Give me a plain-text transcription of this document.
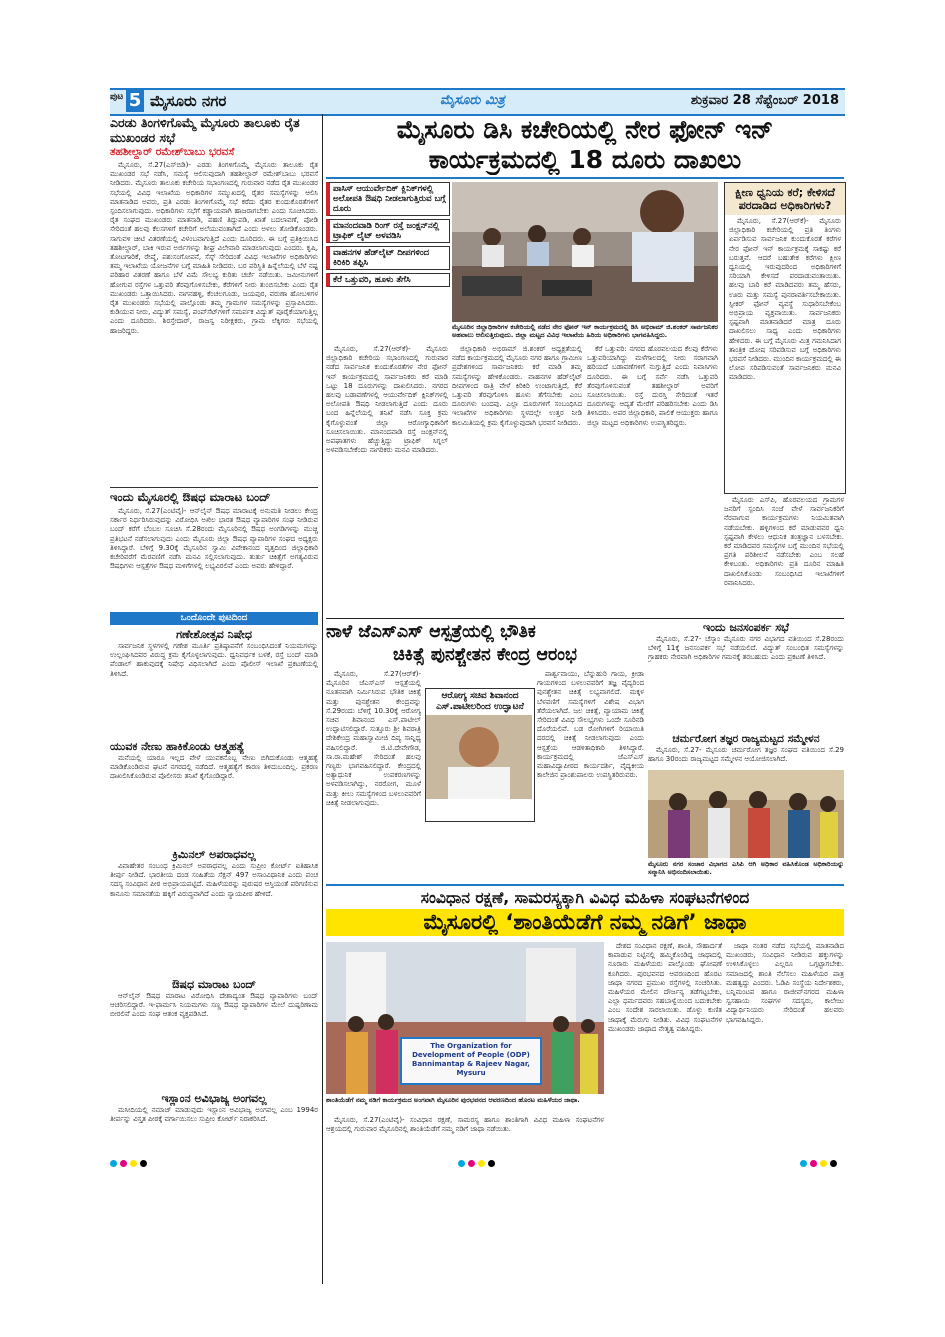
ಪುಟ 5 ಮೈಸೂರು ನಗರ	ಮೈಸೂರು ಮಿತ್ರ	ಶುಕ್ರವಾರ 28 ಸೆಪ್ಟೆಂಬರ್ 2018
ಎರಡು ತಿಂಗಳಿಗೊಮ್ಮೆ ಮೈಸೂರು ತಾಲೂಕು ರೈತ ಮುಖಂಡರ ಸಭೆ
ತಹಶೀಲ್ದಾರ್ ರಮೇಶ್‌ಬಾಬು ಭರವಸೆ

ಮೈಸೂರು, ಸೆ.27(ಎಸ್‌ಬಿಡಿ)- ಎರಡು ತಿಂಗಳಿಗೊಮ್ಮೆ ಮೈಸೂರು ತಾಲೂಕು ರೈತ ಮುಖಂಡರ ಸಭೆ ನಡೆಸಿ, ಸಮಸ್ಯೆ ಆಲಿಸುವುದಾಗಿ ತಹಶೀಲ್ದಾರ್ ರಮೇಶ್‌ಬಾಬು ಭರವಸೆ ನೀಡಿದರು. ಮೈಸೂರು ತಾಲೂಕು ಕಚೇರಿಯ ಸಭಾಂಗಣದಲ್ಲಿ ಗುರುವಾರ ನಡೆದ ರೈತ ಮುಖಂಡರ ಸಭೆಯಲ್ಲಿ ವಿವಿಧ ಇಲಾಖೆಯ ಅಧಿಕಾರಿಗಳ ಸಮ್ಮುಖದಲ್ಲಿ ರೈತರ ಸಮಸ್ಯೆಗಳನ್ನು ಆಲಿಸಿ ಮಾತನಾಡಿದ ಅವರು, ಪ್ರತಿ ಎರಡು ತಿಂಗಳಿಗೊಮ್ಮೆ ಸಭೆ ಕರೆದು ರೈತರ ಕುಂದುಕೊರತೆಗಳಿಗೆ ಸ್ಪಂದಿಸಲಾಗುವುದು. ಅಧಿಕಾರಿಗಳು ಸಭೆಗೆ ಕಡ್ಡಾಯವಾಗಿ ಹಾಜರಾಗಬೇಕು ಎಂದು ಸೂಚಿಸಿದರು. ರೈತ ಸಂಘದ ಮುಖಂಡರು ಮಾತನಾಡಿ, ಪಹಣಿ ತಿದ್ದುಪಡಿ, ಖಾತೆ ಬದಲಾವಣೆ, ಪೋಡಿ ಸೇರಿದಂತೆ ಹಲವು ಕೆಲಸಗಳಿಗೆ ಕಚೇರಿಗೆ ಅಲೆಯುವಂತಾಗಿದೆ ಎಂದು ಅಳಲು ತೋಡಿಕೊಂಡರು. ಸಾಗುವಳಿ ಚೀಟಿ ವಿತರಣೆಯಲ್ಲಿ ವಿಳಂಬವಾಗುತ್ತಿದೆ ಎಂದು ದೂರಿದರು. ಈ ಬಗ್ಗೆ ಪ್ರತಿಕ್ರಿಯಿಸಿದ ತಹಶೀಲ್ದಾರ್, ಬಾಕಿ ಇರುವ ಅರ್ಜಿಗಳನ್ನು ಶೀಘ್ರ ವಿಲೇವಾರಿ ಮಾಡಲಾಗುವುದು ಎಂದರು. ಕೃಷಿ, ತೋಟಗಾರಿಕೆ, ರೇಷ್ಮೆ, ಪಶುಸಂಗೋಪನೆ, ಸೆಸ್ಕ್ ಸೇರಿದಂತೆ ವಿವಿಧ ಇಲಾಖೆಗಳ ಅಧಿಕಾರಿಗಳು ತಮ್ಮ ಇಲಾಖೆಯ ಯೋಜನೆಗಳ ಬಗ್ಗೆ ಮಾಹಿತಿ ನೀಡಿದರು. ಬರ ಪರಿಸ್ಥಿತಿ ಹಿನ್ನೆಲೆಯಲ್ಲಿ ಬೆಳೆ ನಷ್ಟ ಪರಿಹಾರ ವಿತರಣೆ ಹಾಗೂ ಬೆಳೆ ವಿಮೆ ಸೌಲಭ್ಯ ಕುರಿತು ಚರ್ಚೆ ನಡೆಯಿತು. ಜಮೀನುಗಳಿಗೆ ಹೋಗುವ ರಸ್ತೆಗಳ ಒತ್ತುವರಿ ತೆರವುಗೊಳಿಸಬೇಕು, ಕೆರೆಗಳಿಗೆ ನೀರು ತುಂಬಿಸಬೇಕು ಎಂದು ರೈತ ಮುಖಂಡರು ಒತ್ತಾಯಿಸಿದರು. ನಾಗನಹಳ್ಳಿ, ಕೆಂಚಲಗೂಡು, ಜಯಪುರ, ವರುಣಾ ಹೋಬಳಿಗಳ ರೈತ ಮುಖಂಡರು ಸಭೆಯಲ್ಲಿ ಪಾಲ್ಗೊಂಡು ತಮ್ಮ ಗ್ರಾಮಗಳ ಸಮಸ್ಯೆಗಳನ್ನು ಪ್ರಸ್ತಾಪಿಸಿದರು. ಕುಡಿಯುವ ನೀರು, ವಿದ್ಯುತ್ ಸಮಸ್ಯೆ, ಪಂಪ್‌ಸೆಟ್‌ಗಳಿಗೆ ಸಮರ್ಪಕ ವಿದ್ಯುತ್ ಪೂರೈಕೆಯಾಗುತ್ತಿಲ್ಲ ಎಂದು ದೂರಿದರು. ಶಿರಸ್ತೇದಾರ್, ರಾಜಸ್ವ ನಿರೀಕ್ಷಕರು, ಗ್ರಾಮ ಲೆಕ್ಕಿಗರು ಸಭೆಯಲ್ಲಿ ಹಾಜರಿದ್ದರು.

ಇಂದು ಮೈಸೂರಲ್ಲಿ ಔಷಧ ಮಾರಾಟ ಬಂದ್

ಮೈಸೂರು, ಸೆ.27(ಎಂಟಿವೈ)- ಆನ್‌ಲೈನ್ ಔಷಧ ಮಾರಾಟಕ್ಕೆ ಅನುಮತಿ ನೀಡಲು ಕೇಂದ್ರ ಸರ್ಕಾರ ನಿರ್ಧರಿಸಿರುವುದನ್ನು ವಿರೋಧಿಸಿ ಅಖಿಲ ಭಾರತ ಔಷಧ ವ್ಯಾಪಾರಿಗಳ ಸಂಘ ನೀಡಿರುವ ಬಂದ್ ಕರೆಗೆ ಬೆಂಬಲ ಸೂಚಿಸಿ ಸೆ.28ರಂದು ಮೈಸೂರಿನಲ್ಲಿ ಔಷಧ ಅಂಗಡಿಗಳನ್ನು ಮುಚ್ಚಿ ಪ್ರತಿಭಟನೆ ನಡೆಸಲಾಗುವುದು ಎಂದು ಮೈಸೂರು ಜಿಲ್ಲಾ ಔಷಧ ವ್ಯಾಪಾರಿಗಳ ಸಂಘದ ಅಧ್ಯಕ್ಷರು ತಿಳಿಸಿದ್ದಾರೆ. ಬೆಳಿಗ್ಗೆ 9.30ಕ್ಕೆ ಮೈಸೂರಿನ ಸ್ವಾಮಿ ವಿವೇಕಾನಂದ ವೃತ್ತದಿಂದ ಜಿಲ್ಲಾಧಿಕಾರಿ ಕಚೇರಿವರೆಗೆ ಮೆರವಣಿಗೆ ನಡೆಸಿ ಮನವಿ ಸಲ್ಲಿಸಲಾಗುವುದು. ತುರ್ತು ಚಿಕಿತ್ಸೆಗೆ ಅಗತ್ಯವಿರುವ ಔಷಧಿಗಳು ಆಸ್ಪತ್ರೆಗಳ ಔಷಧ ಮಳಿಗೆಗಳಲ್ಲಿ ಲಭ್ಯವಿರಲಿವೆ ಎಂದು ಅವರು ಹೇಳಿದ್ದಾರೆ.

ಒಂದೊಂದೇ ಪುಟದಿಂದ
ಗಣೇಶೋತ್ಸವ ನಿಷೇಧ

ಸಾರ್ವಜನಿಕ ಸ್ಥಳಗಳಲ್ಲಿ ಗಣೇಶ ಮೂರ್ತಿ ಪ್ರತಿಷ್ಠಾಪನೆಗೆ ಸಂಬಂಧಿಸಿದಂತೆ ನಿಯಮಗಳನ್ನು ಉಲ್ಲಂಘಿಸಿದವರ ವಿರುದ್ಧ ಕ್ರಮ ಕೈಗೊಳ್ಳಲಾಗುವುದು. ಧ್ವನಿವರ್ಧಕ ಬಳಕೆ, ರಸ್ತೆ ಬಂದ್ ಮಾಡಿ ಪೆಂಡಾಲ್ ಹಾಕುವುದಕ್ಕೆ ನಿಷೇಧ ವಿಧಿಸಲಾಗಿದೆ ಎಂದು ಪೊಲೀಸ್ ಇಲಾಖೆ ಪ್ರಕಟಣೆಯಲ್ಲಿ ತಿಳಿಸಿದೆ.

ಯುವಕ ನೇಣು ಹಾಕಿಕೊಂಡು ಆತ್ಮಹತ್ಯೆ

ಮನೆಯಲ್ಲಿ ಯಾರೂ ಇಲ್ಲದ ವೇಳೆ ಯುವಕನೊಬ್ಬ ನೇಣು ಬಿಗಿದುಕೊಂಡು ಆತ್ಮಹತ್ಯೆ ಮಾಡಿಕೊಂಡಿರುವ ಘಟನೆ ನಗರದಲ್ಲಿ ನಡೆದಿದೆ. ಆತ್ಮಹತ್ಯೆಗೆ ಕಾರಣ ತಿಳಿದುಬಂದಿಲ್ಲ. ಪ್ರಕರಣ ದಾಖಲಿಸಿಕೊಂಡಿರುವ ಪೊಲೀಸರು ತನಿಖೆ ಕೈಗೊಂಡಿದ್ದಾರೆ.

ಕ್ರಿಮಿನಲ್ ಅಪರಾಧವಲ್ಲ

ವಿವಾಹೇತರ ಸಂಬಂಧ ಕ್ರಿಮಿನಲ್ ಅಪರಾಧವಲ್ಲ ಎಂದು ಸುಪ್ರೀಂ ಕೋರ್ಟ್ ಐತಿಹಾಸಿಕ ತೀರ್ಪು ನೀಡಿದೆ. ಭಾರತೀಯ ದಂಡ ಸಂಹಿತೆಯ ಸೆಕ್ಷನ್ 497 ಅಸಾಂವಿಧಾನಿಕ ಎಂದು ಪಂಚ ಸದಸ್ಯ ಸಂವಿಧಾನ ಪೀಠ ಅಭಿಪ್ರಾಯಪಟ್ಟಿದೆ. ಮಹಿಳೆಯರನ್ನು ಪುರುಷರ ಆಸ್ತಿಯಂತೆ ಪರಿಗಣಿಸುವ ಕಾನೂನು ಸಮಾನತೆಯ ಹಕ್ಕಿಗೆ ವಿರುದ್ಧವಾಗಿದೆ ಎಂದು ನ್ಯಾಯಪೀಠ ಹೇಳಿದೆ.

ಔಷಧ ಮಾರಾಟ ಬಂದ್

ಆನ್‌ಲೈನ್ ಔಷಧ ಮಾರಾಟ ವಿರೋಧಿಸಿ ದೇಶಾದ್ಯಂತ ಔಷಧ ವ್ಯಾಪಾರಿಗಳು ಬಂದ್ ಆಚರಿಸಲಿದ್ದಾರೆ. ಇ-ಫಾರ್ಮಸಿ ನಿಯಮಗಳು ಸಣ್ಣ ಔಷಧ ವ್ಯಾಪಾರಿಗಳ ಮೇಲೆ ದುಷ್ಪರಿಣಾಮ ಬೀರಲಿವೆ ಎಂದು ಸಂಘ ಆತಂಕ ವ್ಯಕ್ತಪಡಿಸಿದೆ.

ಇಸ್ಲಾಂನ ಅವಿಭಾಜ್ಯ ಅಂಗವಲ್ಲ

ಮಸೀದಿಯಲ್ಲಿ ನಮಾಜ್ ಮಾಡುವುದು ಇಸ್ಲಾಂನ ಅವಿಭಾಜ್ಯ ಅಂಗವಲ್ಲ ಎಂಬ 1994ರ ತೀರ್ಪನ್ನು ವಿಸ್ತೃತ ಪೀಠಕ್ಕೆ ವರ್ಗಾಯಿಸಲು ಸುಪ್ರೀಂ ಕೋರ್ಟ್ ನಿರಾಕರಿಸಿದೆ.

ಮೈಸೂರು ಡಿಸಿ ಕಚೇರಿಯಲ್ಲಿ ನೇರ ಫೋನ್ ಇನ್
ಕಾರ್ಯಕ್ರಮದಲ್ಲಿ 18 ದೂರು ದಾಖಲು
ಪಾಸಿಸ್ ಆಯುರ್ವೇದಿಕ್ ಕ್ಲಿನಿಕ್‌ಗಳಲ್ಲಿ ಅಲೋಪತಿ ಔಷಧಿ ನೀಡಲಾಗುತ್ತಿರುವ ಬಗ್ಗೆ ದೂರು
ಮಾನಂದವಾಡಿ ರಿಂಗ್ ರಸ್ತೆ ಜಂಕ್ಷನ್‌ನಲ್ಲಿ ಟ್ರಾಫಿಕ್ ಲೈಟ್ ಅಳವಡಿಸಿ
ವಾಹನಗಳ ಹೆಡ್‌ಲೈಟ್ ದೀಪಗಳಿಂದ ಕಿರಿಕಿರಿ ತಪ್ಪಿಸಿ
ಕೆರೆ ಒತ್ತುವರಿ, ಹೂಳು ತೆಗೆಸಿ
ಮೈಸೂರಿನ ಜಿಲ್ಲಾಧಿಕಾರಿಗಳ ಕಚೇರಿಯಲ್ಲಿ ನಡೆದ ನೇರ ಫೋನ್ ಇನ್ ಕಾರ್ಯಕ್ರಮದಲ್ಲಿ ಡಿಸಿ ಅಭಿರಾಮ್ ಜಿ.ಶಂಕರ್ ಸಾರ್ವಜನಿಕರ ಅಹವಾಲು ಆಲಿಸುತ್ತಿರುವುದು. ಜಿಲ್ಲಾ ಮಟ್ಟದ ವಿವಿಧ ಇಲಾಖೆಯ ಹಿರಿಯ ಅಧಿಕಾರಿಗಳು ಭಾಗವಹಿಸಿದ್ದರು.

ಮೈಸೂರು, ಸೆ.27(ಆರ್‌ಕೆ)- ಮೈಸೂರು ಜಿಲ್ಲಾಧಿಕಾರಿ ಕಚೇರಿಯ ಸಭಾಂಗಣದಲ್ಲಿ ಗುರುವಾರ ನಡೆದ ಸಾರ್ವಜನಿಕ ಕುಂದುಕೊರತೆಗಳ ನೇರ ಫೋನ್ ಇನ್ ಕಾರ್ಯಕ್ರಮದಲ್ಲಿ ಸಾರ್ವಜನಿಕರು ಕರೆ ಮಾಡಿ ಒಟ್ಟು 18 ದೂರುಗಳನ್ನು ದಾಖಲಿಸಿದರು. ನಗರದ ಹಲವು ಬಡಾವಣೆಗಳಲ್ಲಿ ಆಯುರ್ವೇದಿಕ್ ಕ್ಲಿನಿಕ್‌ಗಳಲ್ಲಿ ಅಲೋಪತಿ ಔಷಧಿ ನೀಡಲಾಗುತ್ತಿದೆ ಎಂದು ದೂರು ಬಂದ ಹಿನ್ನೆಲೆಯಲ್ಲಿ ತನಿಖೆ ನಡೆಸಿ ಸೂಕ್ತ ಕ್ರಮ ಕೈಗೊಳ್ಳುವಂತೆ ಜಿಲ್ಲಾ ಆರೋಗ್ಯಾಧಿಕಾರಿಗೆ ಸೂಚಿಸಲಾಯಿತು. ಮಾನಂದವಾಡಿ ರಸ್ತೆ ಜಂಕ್ಷನ್‌ನಲ್ಲಿ ಅಪಘಾತಗಳು ಹೆಚ್ಚುತ್ತಿದ್ದು ಟ್ರಾಫಿಕ್ ಸಿಗ್ನಲ್ ಅಳವಡಿಸಬೇಕೆಂದು ನಾಗರಿಕರು ಮನವಿ ಮಾಡಿದರು.

ಜಿಲ್ಲಾಧಿಕಾರಿ ಅಭಿರಾಮ್ ಜಿ.ಶಂಕರ್ ಅಧ್ಯಕ್ಷತೆಯಲ್ಲಿ ನಡೆದ ಕಾರ್ಯಕ್ರಮದಲ್ಲಿ ಮೈಸೂರು ನಗರ ಹಾಗೂ ಗ್ರಾಮೀಣ ಪ್ರದೇಶಗಳಿಂದ ಸಾರ್ವಜನಿಕರು ಕರೆ ಮಾಡಿ ತಮ್ಮ ಸಮಸ್ಯೆಗಳನ್ನು ಹೇಳಿಕೊಂಡರು. ವಾಹನಗಳ ಹೆಡ್‌ಲೈಟ್ ದೀಪಗಳಿಂದ ರಾತ್ರಿ ವೇಳೆ ಕಿರಿಕಿರಿ ಉಂಟಾಗುತ್ತಿದೆ, ಕೆರೆ ಒತ್ತುವರಿ ತೆರವುಗೊಳಿಸಿ ಹೂಳು ತೆಗೆಸಬೇಕು ಎಂಬ ದೂರುಗಳು ಬಂದವು. ಎಲ್ಲಾ ದೂರುಗಳಿಗೆ ಸಂಬಂಧಿಸಿದ ಇಲಾಖೆಗಳ ಅಧಿಕಾರಿಗಳು ಸ್ಥಳದಲ್ಲೇ ಉತ್ತರ ನೀಡಿ ಕಾಲಮಿತಿಯಲ್ಲಿ ಕ್ರಮ ಕೈಗೊಳ್ಳುವುದಾಗಿ ಭರವಸೆ ನೀಡಿದರು.

ಕೆರೆ ಒತ್ತುವರಿ: ನಗರದ ಹೊರವಲಯದ ಕೆಲವು ಕೆರೆಗಳು ಒತ್ತುವರಿಯಾಗಿದ್ದು ಮಳೆಗಾಲದಲ್ಲಿ ನೀರು ಸರಾಗವಾಗಿ ಹರಿಯದೆ ಬಡಾವಣೆಗಳಿಗೆ ನುಗ್ಗುತ್ತಿದೆ ಎಂದು ನಿವಾಸಿಗಳು ದೂರಿದರು. ಈ ಬಗ್ಗೆ ಸರ್ವೆ ನಡೆಸಿ ಒತ್ತುವರಿ ತೆರವುಗೊಳಿಸುವಂತೆ ತಹಶೀಲ್ದಾರ್ ಅವರಿಗೆ ಸೂಚಿಸಲಾಯಿತು. ರಸ್ತೆ ದುರಸ್ತಿ ಸೇರಿದಂತೆ ಇತರೆ ದೂರುಗಳನ್ನು ಆದ್ಯತೆ ಮೇರೆಗೆ ಪರಿಹರಿಸಬೇಕು ಎಂದು ಡಿಸಿ ತಿಳಿಸಿದರು. ಅಪರ ಜಿಲ್ಲಾಧಿಕಾರಿ, ಪಾಲಿಕೆ ಆಯುಕ್ತರು ಹಾಗೂ ಜಿಲ್ಲಾ ಮಟ್ಟದ ಅಧಿಕಾರಿಗಳು ಉಪಸ್ಥಿತರಿದ್ದರು.

ಕ್ಷೀಣ ಧ್ವನಿಯ ಕರೆ; ಕೇಳಿಸದೆ ಪರದಾಡಿದ ಅಧಿಕಾರಿಗಳು?

ಮೈಸೂರು, ಸೆ.27(ಆರ್‌ಕೆ)- ಮೈಸೂರು ಜಿಲ್ಲಾಧಿಕಾರಿ ಕಚೇರಿಯಲ್ಲಿ ಪ್ರತಿ ತಿಂಗಳು ಏರ್ಪಡಿಸುವ ಸಾರ್ವಜನಿಕ ಕುಂದುಕೊರತೆ ಕರೆಗಳ ನೇರ ಫೋನ್ ಇನ್ ಕಾರ್ಯಕ್ರಮಕ್ಕೆ ಸಾಕಷ್ಟು ಕರೆ ಬರುತ್ತವೆ. ಆದರೆ ಬಹುತೇಕ ಕರೆಗಳು ಕ್ಷೀಣ ಧ್ವನಿಯಲ್ಲಿ ಇರುವುದರಿಂದ ಅಧಿಕಾರಿಗಳಿಗೆ ಸರಿಯಾಗಿ ಕೇಳಿಸದೆ ಪರದಾಡುವಂತಾಯಿತು. ಹಲವು ಬಾರಿ ಕರೆ ಮಾಡಿದವರು ತಮ್ಮ ಹೆಸರು, ಊರು ಮತ್ತು ಸಮಸ್ಯೆ ಪುನರಾವರ್ತಿಸಬೇಕಾಯಿತು. ಸ್ಪೀಕರ್ ಫೋನ್ ವ್ಯವಸ್ಥೆ ಸುಧಾರಿಸಬೇಕೆಂಬ ಅಭಿಪ್ರಾಯ ವ್ಯಕ್ತವಾಯಿತು. ಸಾರ್ವಜನಿಕರು ಸ್ಪಷ್ಟವಾಗಿ ಮಾತನಾಡಿದರೆ ಮಾತ್ರ ದೂರು ದಾಖಲಿಸಲು ಸಾಧ್ಯ ಎಂದು ಅಧಿಕಾರಿಗಳು ಹೇಳಿದರು. ಈ ಬಗ್ಗೆ ಮೈಸೂರು ಮಿತ್ರ ಗಮನಿಸಿದಾಗ ತಾಂತ್ರಿಕ ದೋಷ ಸರಿಪಡಿಸುವ ಬಗ್ಗೆ ಅಧಿಕಾರಿಗಳು ಭರವಸೆ ನೀಡಿದರು. ಮುಂದಿನ ಕಾರ್ಯಕ್ರಮದಲ್ಲಿ ಈ ಲೋಪ ಸರಿಪಡಿಸುವಂತೆ ಸಾರ್ವಜನಿಕರು ಮನವಿ ಮಾಡಿದರು.

ಮೈಸೂರು ಎಸ್‌ಪಿ, ಹೊರವಲಯದ ಗ್ರಾಮಗಳ ಜನರಿಗೆ ಸ್ಪಂದಿಸಿ ಸಂಜೆ ವೇಳೆ ಸಾರ್ವಜನಿಕರಿಗೆ ನೆರವಾಗುವ ಕಾರ್ಯಕ್ರಮಗಳು ನಿಯಮಿತವಾಗಿ ನಡೆಯಬೇಕು. ಹಳ್ಳಿಗಳಿಂದ ಕರೆ ಮಾಡುವವರ ಧ್ವನಿ ಸ್ಪಷ್ಟವಾಗಿ ಕೇಳಲು ಆಧುನಿಕ ತಂತ್ರಜ್ಞಾನ ಬಳಸಬೇಕು. ಕರೆ ಮಾಡಿದವರ ಸಮಸ್ಯೆಗಳ ಬಗ್ಗೆ ಮುಂದಿನ ಸಭೆಯಲ್ಲಿ ಪ್ರಗತಿ ಪರಿಶೀಲನೆ ನಡೆಸಬೇಕು ಎಂಬ ಸಲಹೆ ಕೇಳಿಬಂತು. ಅಧಿಕಾರಿಗಳು ಪ್ರತಿ ದೂರಿನ ಮಾಹಿತಿ ದಾಖಲಿಸಿಕೊಂಡು ಸಂಬಂಧಿಸಿದ ಇಲಾಖೆಗಳಿಗೆ ರವಾನಿಸಿದರು.

ನಾಳೆ ಜೆಎಸ್‌ಎಸ್ ಆಸ್ಪತ್ರೆಯಲ್ಲಿ ಭೌತಿಕ
ಚಿಕಿತ್ಸೆ ಪುನಶ್ಚೇತನ ಕೇಂದ್ರ ಆರಂಭ

ಮೈಸೂರು, ಸೆ.27(ಆರ್‌ಕೆ)- ಮೈಸೂರಿನ ಜೆಎಸ್‌ಎಸ್ ಆಸ್ಪತ್ರೆಯಲ್ಲಿ ನೂತನವಾಗಿ ನಿರ್ಮಿಸಿರುವ ಭೌತಿಕ ಚಿಕಿತ್ಸೆ ಮತ್ತು ಪುನಶ್ಚೇತನ ಕೇಂದ್ರವನ್ನು ಸೆ.29ರಂದು ಬೆಳಿಗ್ಗೆ 10.30ಕ್ಕೆ ಆರೋಗ್ಯ ಸಚಿವ ಶಿವಾನಂದ ಎಸ್.ಪಾಟೀಲ್ ಉದ್ಘಾಟಿಸಲಿದ್ದಾರೆ. ಸುತ್ತೂರು ಶ್ರೀ ಶಿವರಾತ್ರಿ ದೇಶಿಕೇಂದ್ರ ಮಹಾಸ್ವಾಮೀಜಿ ದಿವ್ಯ ಸಾನ್ನಿಧ್ಯ ವಹಿಸಲಿದ್ದಾರೆ. ಜಿ.ಟಿ.ದೇವೇಗೌಡ, ಸಾ.ರಾ.ಮಹೇಶ್ ಸೇರಿದಂತೆ ಹಲವು ಗಣ್ಯರು ಭಾಗವಹಿಸಲಿದ್ದಾರೆ. ಕೇಂದ್ರದಲ್ಲಿ ಅತ್ಯಾಧುನಿಕ ಉಪಕರಣಗಳನ್ನು ಅಳವಡಿಸಲಾಗಿದ್ದು, ನರರೋಗ, ಮೂಳೆ ಮತ್ತು ಕೀಲು ಸಮಸ್ಯೆಗಳಿಂದ ಬಳಲುವವರಿಗೆ ಚಿಕಿತ್ಸೆ ನೀಡಲಾಗುವುದು.

ಆರೋಗ್ಯ ಸಚಿವ ಶಿವಾನಂದ ಎಸ್.ಪಾಟೀಲರಿಂದ ಉದ್ಘಾಟನೆ

ಪಾರ್ಶ್ವವಾಯು, ಬೆನ್ನುಹುರಿ ಗಾಯ, ಕ್ರೀಡಾ ಗಾಯಗಳಿಂದ ಬಳಲುವವರಿಗೆ ತಜ್ಞ ವೈದ್ಯರಿಂದ ಪುನಶ್ಚೇತನ ಚಿಕಿತ್ಸೆ ಲಭ್ಯವಾಗಲಿದೆ. ಮಕ್ಕಳ ಬೆಳವಣಿಗೆ ಸಮಸ್ಯೆಗಳಿಗೆ ವಿಶೇಷ ವಿಭಾಗ ತೆರೆಯಲಾಗಿದೆ. ಜಲ ಚಿಕಿತ್ಸೆ, ವ್ಯಾಯಾಮ ಚಿಕಿತ್ಸೆ ಸೇರಿದಂತೆ ವಿವಿಧ ಸೌಲಭ್ಯಗಳು ಒಂದೇ ಸೂರಿನಡಿ ದೊರೆಯಲಿವೆ. ಬಡ ರೋಗಿಗಳಿಗೆ ರಿಯಾಯಿತಿ ದರದಲ್ಲಿ ಚಿಕಿತ್ಸೆ ನೀಡಲಾಗುವುದು ಎಂದು ಆಸ್ಪತ್ರೆಯ ಆಡಳಿತಾಧಿಕಾರಿ ತಿಳಿಸಿದ್ದಾರೆ. ಕಾರ್ಯಕ್ರಮದಲ್ಲಿ ಜೆಎಸ್‌ಎಸ್ ಮಹಾವಿದ್ಯಾಪೀಠದ ಕಾರ್ಯದರ್ಶಿ, ವೈದ್ಯಕೀಯ ಕಾಲೇಜಿನ ಪ್ರಾಂಶುಪಾಲರು ಉಪಸ್ಥಿತರಿರುವರು.

ಇಂದು ಜನಸಂಪರ್ಕ ಸಭೆ

ಮೈಸೂರು, ಸೆ.27- ಚೆಸ್ಕಾಂ ಮೈಸೂರು ನಗರ ವಿಭಾಗದ ವತಿಯಿಂದ ಸೆ.28ರಂದು ಬೆಳಿಗ್ಗೆ 11ಕ್ಕೆ ಜನಸಂಪರ್ಕ ಸಭೆ ನಡೆಯಲಿದೆ. ವಿದ್ಯುತ್ ಸಂಬಂಧಿತ ಸಮಸ್ಯೆಗಳನ್ನು ಗ್ರಾಹಕರು ನೇರವಾಗಿ ಅಧಿಕಾರಿಗಳ ಗಮನಕ್ಕೆ ತರಬಹುದು ಎಂದು ಪ್ರಕಟಣೆ ತಿಳಿಸಿದೆ.

ಚರ್ಮರೋಗ ತಜ್ಞರ ರಾಜ್ಯಮಟ್ಟದ ಸಮ್ಮೇಳನ

ಮೈಸೂರು, ಸೆ.27- ಮೈಸೂರು ಚರ್ಮರೋಗ ತಜ್ಞರ ಸಂಘದ ವತಿಯಿಂದ ಸೆ.29 ಹಾಗೂ 30ರಂದು ರಾಜ್ಯಮಟ್ಟದ ಸಮ್ಮೇಳನ ಆಯೋಜಿಸಲಾಗಿದೆ.

ಮೈಸೂರು ನಗರ ಸಂಚಾರ ವಿಭಾಗದ ಎಸಿಪಿ ಆಗಿ ಅಧಿಕಾರ ವಹಿಸಿಕೊಂಡ ಅಧಿಕಾರಿಯನ್ನು ಸನ್ಮಾನಿಸಿ ಅಭಿನಂದಿಸಲಾಯಿತು.
ಸಂವಿಧಾನ ರಕ್ಷಣೆ, ಸಾಮರಸ್ಯಕ್ಕಾಗಿ ವಿವಿಧ ಮಹಿಳಾ ಸಂಘಟನೆಗಳಿಂದ
ಮೈಸೂರಲ್ಲಿ ‘ಶಾಂತಿಯೆಡೆಗೆ ನಮ್ಮ ನಡಿಗೆ’ ಜಾಥಾ
The Organization for Development of People (ODP) Bannimantap & Rajeev Nagar, Mysuru
ಶಾಂತಿಯೆಡೆಗೆ ನಮ್ಮ ನಡಿಗೆ ಕಾರ್ಯಕ್ರಮದ ಅಂಗವಾಗಿ ಮೈಸೂರಿನ ಪುರಭವನದ ಆವರಣದಿಂದ ಹೊರಟ ಮಹಿಳೆಯರ ಜಾಥಾ.

ಮೈಸೂರು, ಸೆ.27(ಎಂಟಿವೈ)- ಸಂವಿಧಾನ ರಕ್ಷಣೆ, ಸಾಮರಸ್ಯ ಹಾಗೂ ಶಾಂತಿಗಾಗಿ ವಿವಿಧ ಮಹಿಳಾ ಸಂಘಟನೆಗಳ ಆಶ್ರಯದಲ್ಲಿ ಗುರುವಾರ ಮೈಸೂರಿನಲ್ಲಿ ಶಾಂತಿಯೆಡೆಗೆ ನಮ್ಮ ನಡಿಗೆ ಜಾಥಾ ನಡೆಯಿತು.

ದೇಶದ ಸಂವಿಧಾನ ರಕ್ಷಣೆ, ಶಾಂತಿ, ಸೌಹಾರ್ದತೆ ಕಾಪಾಡುವ ನಿಟ್ಟಿನಲ್ಲಿ ಹಮ್ಮಿಕೊಂಡಿದ್ದ ಜಾಥಾದಲ್ಲಿ ನೂರಾರು ಮಹಿಳೆಯರು ಪಾಲ್ಗೊಂಡು ಘೋಷಣೆ ಕೂಗಿದರು. ಪುರಭವನದ ಆವರಣದಿಂದ ಹೊರಟ ಜಾಥಾ ನಗರದ ಪ್ರಮುಖ ರಸ್ತೆಗಳಲ್ಲಿ ಸಂಚರಿಸಿತು. ಮಹಿಳೆಯರ ಮೇಲಿನ ದೌರ್ಜನ್ಯ ತಡೆಗಟ್ಟಬೇಕು, ಎಲ್ಲಾ ಧರ್ಮದವರು ಸಹಬಾಳ್ವೆಯಿಂದ ಬದುಕಬೇಕು ಎಂಬ ಸಂದೇಶ ಸಾರಲಾಯಿತು. ಡೊಳ್ಳು ಕುಣಿತ ಜಾಥಾಕ್ಕೆ ಮೆರುಗು ನೀಡಿತು. ವಿವಿಧ ಸಂಘಟನೆಗಳ ಮುಖಂಡರು ಜಾಥಾದ ನೇತೃತ್ವ ವಹಿಸಿದ್ದರು.

ಜಾಥಾ ನಂತರ ನಡೆದ ಸಭೆಯಲ್ಲಿ ಮಾತನಾಡಿದ ಮುಖಂಡರು, ಸಂವಿಧಾನ ನೀಡಿರುವ ಹಕ್ಕುಗಳನ್ನು ಉಳಿಸಿಕೊಳ್ಳಲು ಎಲ್ಲರೂ ಒಗ್ಗಟ್ಟಾಗಬೇಕು. ಸಮಾಜದಲ್ಲಿ ಶಾಂತಿ ನೆಲೆಸಲು ಮಹಿಳೆಯರ ಪಾತ್ರ ಮಹತ್ವದ್ದು ಎಂದರು. ಓಡಿಪಿ ಸಂಸ್ಥೆಯ ನಿರ್ದೇಶಕರು, ಬನ್ನಿಮಂಟಪ ಹಾಗೂ ರಾಜೀವ್‌ನಗರದ ಮಹಿಳಾ ಸ್ವಸಹಾಯ ಸಂಘಗಳ ಸದಸ್ಯರು, ಕಾಲೇಜು ವಿದ್ಯಾರ್ಥಿನಿಯರು ಸೇರಿದಂತೆ ಹಲವರು ಭಾಗವಹಿಸಿದ್ದರು.
